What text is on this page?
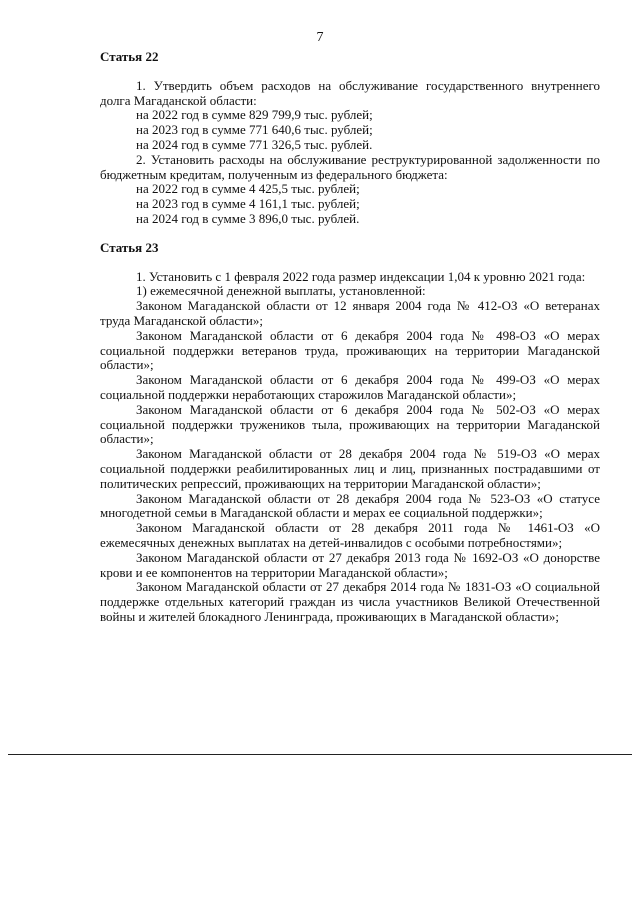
7

Статья 22

1. Утвердить объем расходов на обслуживание государственного внутреннего долга Магаданской области:

на 2022 год в сумме 829 799,9 тыс. рублей;

на 2023 год в сумме 771 640,6 тыс. рублей;

на 2024 год в сумме 771 326,5 тыс. рублей.

2. Установить расходы на обслуживание реструктурированной задолженности по бюджетным кредитам, полученным из федерального бюджета:

на 2022 год в сумме 4 425,5 тыс. рублей;

на 2023 год в сумме 4 161,1 тыс. рублей;

на 2024 год в сумме 3 896,0 тыс. рублей.

Статья 23

1. Установить с 1 февраля 2022 года размер индексации 1,04 к уровню 2021 года:

1) ежемесячной денежной выплаты, установленной:

Законом Магаданской области от 12 января 2004 года № 412-ОЗ «О ветеранах труда Магаданской области»;

Законом Магаданской области от 6 декабря 2004 года № 498-ОЗ «О мерах социальной поддержки ветеранов труда, проживающих на территории Магаданской области»;

Законом Магаданской области от 6 декабря 2004 года № 499-ОЗ «О мерах социальной поддержки неработающих старожилов Магаданской области»;

Законом Магаданской области от 6 декабря 2004 года № 502-ОЗ «О мерах социальной поддержки тружеников тыла, проживающих на территории Магаданской области»;

Законом Магаданской области от 28 декабря 2004 года № 519-ОЗ «О мерах социальной поддержки реабилитированных лиц и лиц, признанных пострадавшими от политических репрессий, проживающих на территории Магаданской области»;

Законом Магаданской области от 28 декабря 2004 года № 523-ОЗ «О статусе многодетной семьи в Магаданской области и мерах ее социальной поддержки»;

Законом Магаданской области от 28 декабря 2011 года № 1461-ОЗ «О ежемесячных денежных выплатах на детей-инвалидов с особыми потребностями»;

Законом Магаданской области от 27 декабря 2013 года № 1692-ОЗ «О донорстве крови и ее компонентов на территории Магаданской области»;

Законом Магаданской области от 27 декабря 2014 года № 1831-ОЗ «О социальной поддержке отдельных категорий граждан из числа участников Великой Отечественной войны и жителей блокадного Ленинграда, проживающих в Магаданской области»;
